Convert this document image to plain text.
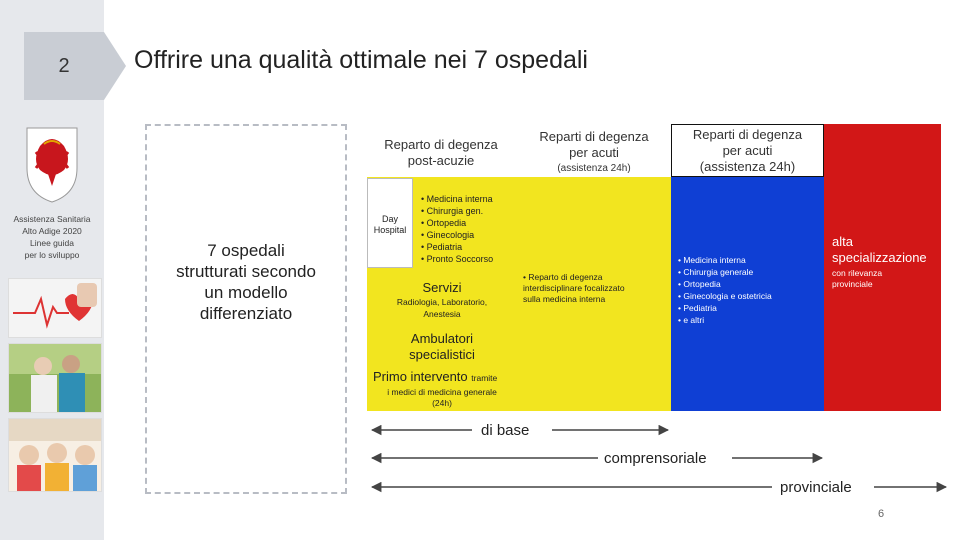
2	Offrire una qualità ottimale nei 7 ospedali
Assistenza Sanitaria
Alto Adige 2020
Linee guida
per lo sviluppo	7 ospedali
strutturati secondo
un modello
differenziato
Reparto di degenza
post-acuzie
Reparti di degenza
per acuti
(assistenza 24h)
Reparti di degenza
per acuti
(assistenza 24h)
alta
specializzazione
con rilevanza
provinciale
Day
Hospital
• Medicina interna
• Chirurgia gen.
• Ortopedia
• Ginecologia
• Pediatria
• Pronto Soccorso
Servizi
Radiologia, Laboratorio,
Anestesia
• Reparto di degenza
interdisciplinare focalizzato
sulla medicina interna
• Medicina interna
• Chirurgia generale
• Ortopedia
• Ginecologia e ostetricia
• Pediatria
• e altri
Ambulatori
specialistici
Primo intervento tramite
i medici di medicina generale
(24h)
di base
comprensoriale
provinciale
6
